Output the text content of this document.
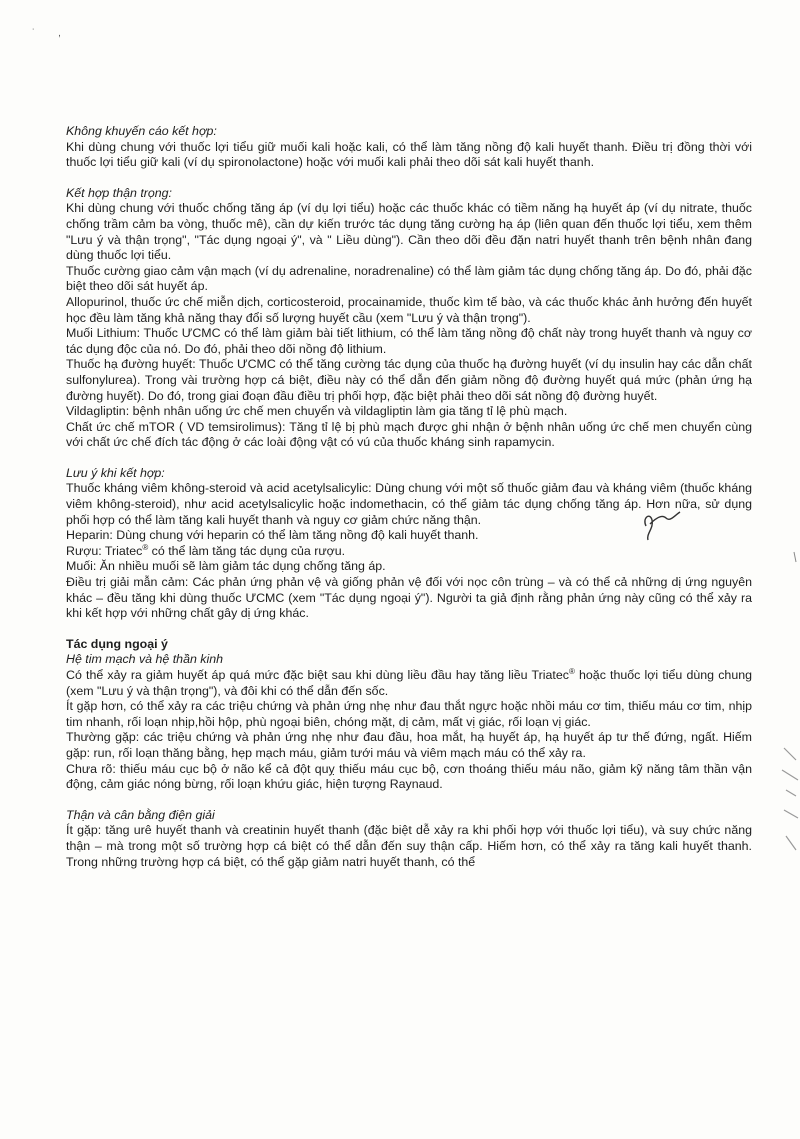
˙ ,

Không khuyến cáo kết hợp:

Khi dùng chung với thuốc lợi tiểu giữ muối kali hoặc kali, có thể làm tăng nồng độ kali huyết thanh. Điều trị đồng thời với thuốc lợi tiểu giữ kali (ví dụ spironolactone) hoặc với muối kali phải theo dõi sát kali huyết thanh.

Kết hợp thận trọng:

Khi dùng chung với thuốc chống tăng áp (ví dụ lợi tiểu) hoặc các thuốc khác có tiềm năng hạ huyết áp (ví dụ nitrate, thuốc chống trầm cảm ba vòng, thuốc mê), cần dự kiến trước tác dụng tăng cường hạ áp (liên quan đến thuốc lợi tiểu, xem thêm "Lưu ý và thận trọng", "Tác dụng ngoại ý", và " Liều dùng"). Cần theo dõi đều đặn natri huyết thanh trên bệnh nhân đang dùng thuốc lợi tiểu.

Thuốc cường giao cảm vận mạch (ví dụ adrenaline, noradrenaline) có thể làm giảm tác dụng chống tăng áp. Do đó, phải đặc biệt theo dõi sát huyết áp.

Allopurinol, thuốc ức chế miễn dịch, corticosteroid, procainamide, thuốc kìm tế bào, và các thuốc khác ảnh hưởng đến huyết học đều làm tăng khả năng thay đổi số lượng huyết cầu (xem "Lưu ý và thận trọng").

Muối Lithium: Thuốc ƯCMC có thể làm giảm bài tiết lithium, có thể làm tăng nồng độ chất này trong huyết thanh và nguy cơ tác dụng độc của nó. Do đó, phải theo dõi nồng độ lithium.

Thuốc hạ đường huyết: Thuốc ƯCMC có thể tăng cường tác dụng của thuốc hạ đường huyết (ví dụ insulin hay các dẫn chất sulfonylurea). Trong vài trường hợp cá biệt, điều này có thể dẫn đến giảm nồng độ đường huyết quá mức (phản ứng hạ đường huyết). Do đó, trong giai đoạn đầu điều trị phối hợp, đặc biệt phải theo dõi sát nồng độ đường huyết.

Vildagliptin: bệnh nhân uống ức chế men chuyển và vildagliptin làm gia tăng tỉ lệ phù mạch.

Chất ức chế mTOR ( VD temsirolimus): Tăng tỉ lệ bị phù mạch được ghi nhận ở bệnh nhân uống ức chế men chuyển cùng với chất ức chế đích tác động ở các loài động vật có vú của thuốc kháng sinh rapamycin.

Lưu ý khi kết hợp:

Thuốc kháng viêm không-steroid và acid acetylsalicylic: Dùng chung với một số thuốc giảm đau và kháng viêm (thuốc kháng viêm không-steroid), như acid acetylsalicylic hoặc indomethacin, có thể giảm tác dụng chống tăng áp. Hơn nữa, sử dụng phối hợp có thể làm tăng kali huyết thanh và nguy cơ giảm chức năng thận.

Heparin: Dùng chung với heparin có thể làm tăng nồng độ kali huyết thanh.

Rượu: Triatec® có thể làm tăng tác dụng của rượu.

Muối: Ăn nhiều muối sẽ làm giảm tác dụng chống tăng áp.

Điều trị giải mẫn cảm: Các phản ứng phản vệ và giống phản vệ đối với nọc côn trùng – và có thể cả những dị ứng nguyên khác – đều tăng khi dùng thuốc ƯCMC (xem "Tác dụng ngoại ý"). Người ta giả định rằng phản ứng này cũng có thể xảy ra khi kết hợp với những chất gây dị ứng khác.

Tác dụng ngoại ý

Hệ tim mạch và hệ thần kinh

Có thể xảy ra giảm huyết áp quá mức đặc biệt sau khi dùng liều đầu hay tăng liều Triatec® hoặc thuốc lợi tiểu dùng chung (xem "Lưu ý và thận trọng"), và đôi khi có thể dẫn đến sốc.

Ít gặp hơn, có thể xảy ra các triệu chứng và phản ứng nhẹ như đau thắt ngực hoặc nhồi máu cơ tim, thiếu máu cơ tim, nhịp tim nhanh, rối loạn nhịp,hồi hộp, phù ngoại biên, chóng mặt, dị cảm, mất vị giác, rối loạn vị giác.

Thường gặp: các triệu chứng và phản ứng nhẹ như đau đầu, hoa mắt, hạ huyết áp, hạ huyết áp tư thế đứng, ngất. Hiếm gặp: run, rối loạn thăng bằng, hẹp mạch máu, giảm tưới máu và viêm mạch máu có thể xảy ra.

Chưa rõ: thiếu máu cục bộ ở não kể cả đột quỵ thiếu máu cục bộ, cơn thoáng thiếu máu não, giảm kỹ năng tâm thần vận động, cảm giác nóng bừng, rối loạn khứu giác, hiện tượng Raynaud.

Thận và cân bằng điện giải

Ít gặp: tăng urê huyết thanh và creatinin huyết thanh (đặc biệt dễ xảy ra khi phối hợp với thuốc lợi tiểu), và suy chức năng thận – mà trong một số trường hợp cá biệt có thể dẫn đến suy thận cấp. Hiếm hơn, có thể xảy ra tăng kali huyết thanh. Trong những trường hợp cá biệt, có thể gặp giảm natri huyết thanh, có thể
